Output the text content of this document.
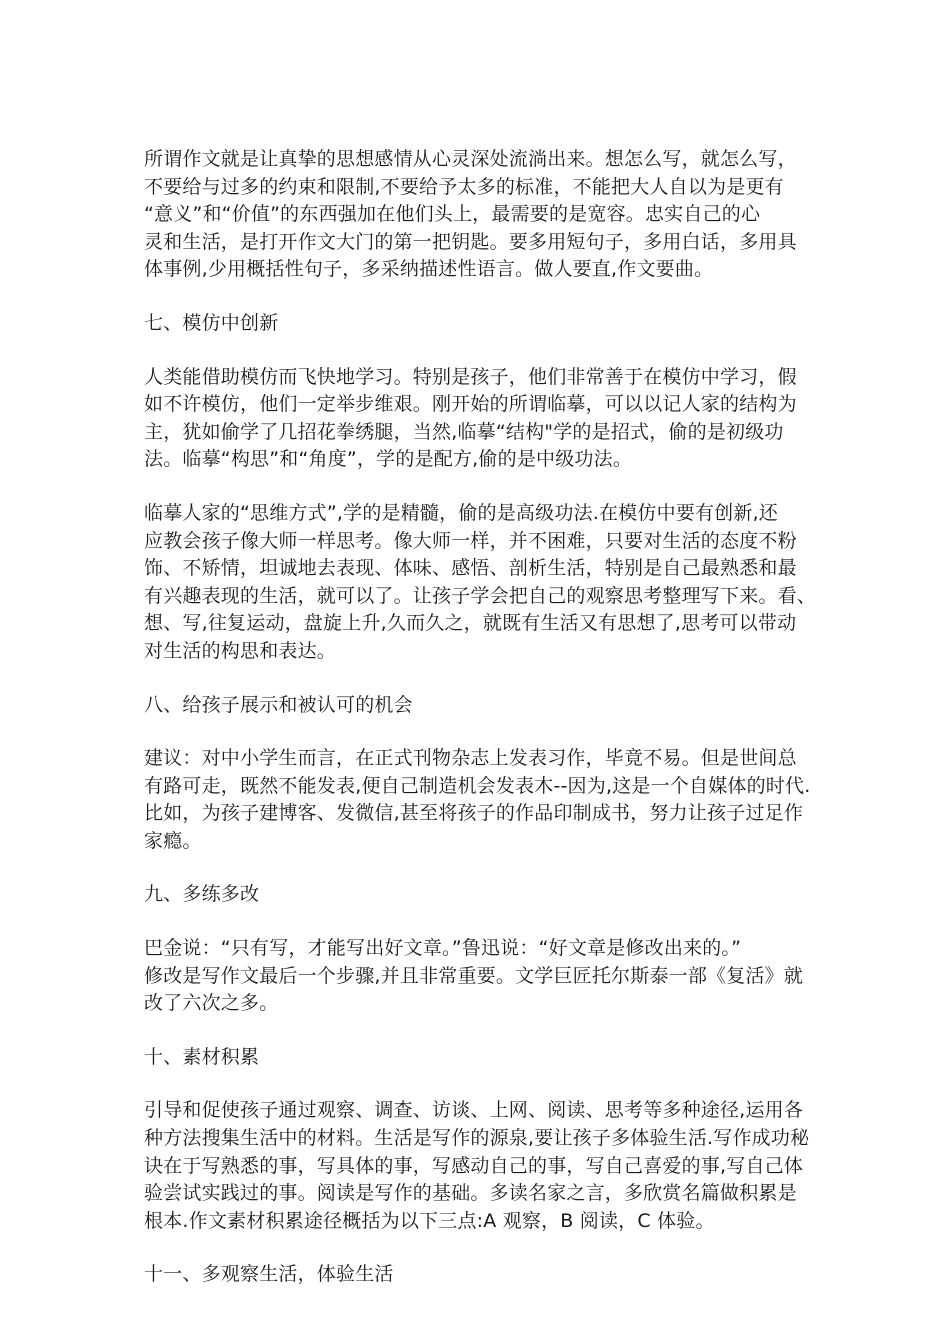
所谓作文就是让真挚的思想感情从心灵深处流淌出来。想怎么写，就怎么写，
不要给与过多的约束和限制,不要给予太多的标准，不能把大人自以为是更有
“意义”和“价值”的东西强加在他们头上，最需要的是宽容。忠实自己的心
灵和生活，是打开作文大门的第一把钥匙。要多用短句子，多用白话，多用具
体事例,少用概括性句子，多采纳描述性语言。做人要直,作文要曲。
七、模仿中创新
人类能借助模仿而飞快地学习。特别是孩子，他们非常善于在模仿中学习，假
如不许模仿，他们一定举步维艰。刚开始的所谓临摹，可以以记人家的结构为
主，犹如偷学了几招花拳绣腿，当然,临摹“结构"学的是招式，偷的是初级功
法。临摹“构思”和“角度”，学的是配方,偷的是中级功法。
临摹人家的“思维方式”,学的是精髓，偷的是高级功法.在模仿中要有创新,还
应教会孩子像大师一样思考。像大师一样，并不困难，只要对生活的态度不粉
饰、不矫情，坦诚地去表现、体味、感悟、剖析生活，特别是自己最熟悉和最
有兴趣表现的生活，就可以了。让孩子学会把自己的观察思考整理写下来。看、
想、写,往复运动，盘旋上升,久而久之，就既有生活又有思想了,思考可以带动
对生活的构思和表达。
八、给孩子展示和被认可的机会
建议：对中小学生而言，在正式刊物杂志上发表习作，毕竟不易。但是世间总
有路可走，既然不能发表,便自己制造机会发表木--因为,这是一个自媒体的时代.
比如，为孩子建博客、发微信,甚至将孩子的作品印制成书，努力让孩子过足作
家瘾。
九、多练多改
巴金说：“只有写，才能写出好文章。”鲁迅说：“好文章是修改出来的。”
修改是写作文最后一个步骤,并且非常重要。文学巨匠托尔斯泰一部《复活》就
改了六次之多。
十、素材积累
引导和促使孩子通过观察、调查、访谈、上网、阅读、思考等多种途径,运用各
种方法搜集生活中的材料。生活是写作的源泉,要让孩子多体验生活.写作成功秘
诀在于写熟悉的事，写具体的事，写感动自己的事，写自己喜爱的事,写自己体
验尝试实践过的事。阅读是写作的基础。多读名家之言，多欣赏名篇做积累是
根本.作文素材积累途径概括为以下三点:A 观察，B 阅读，C 体验。
十一、多观察生活，体验生活
